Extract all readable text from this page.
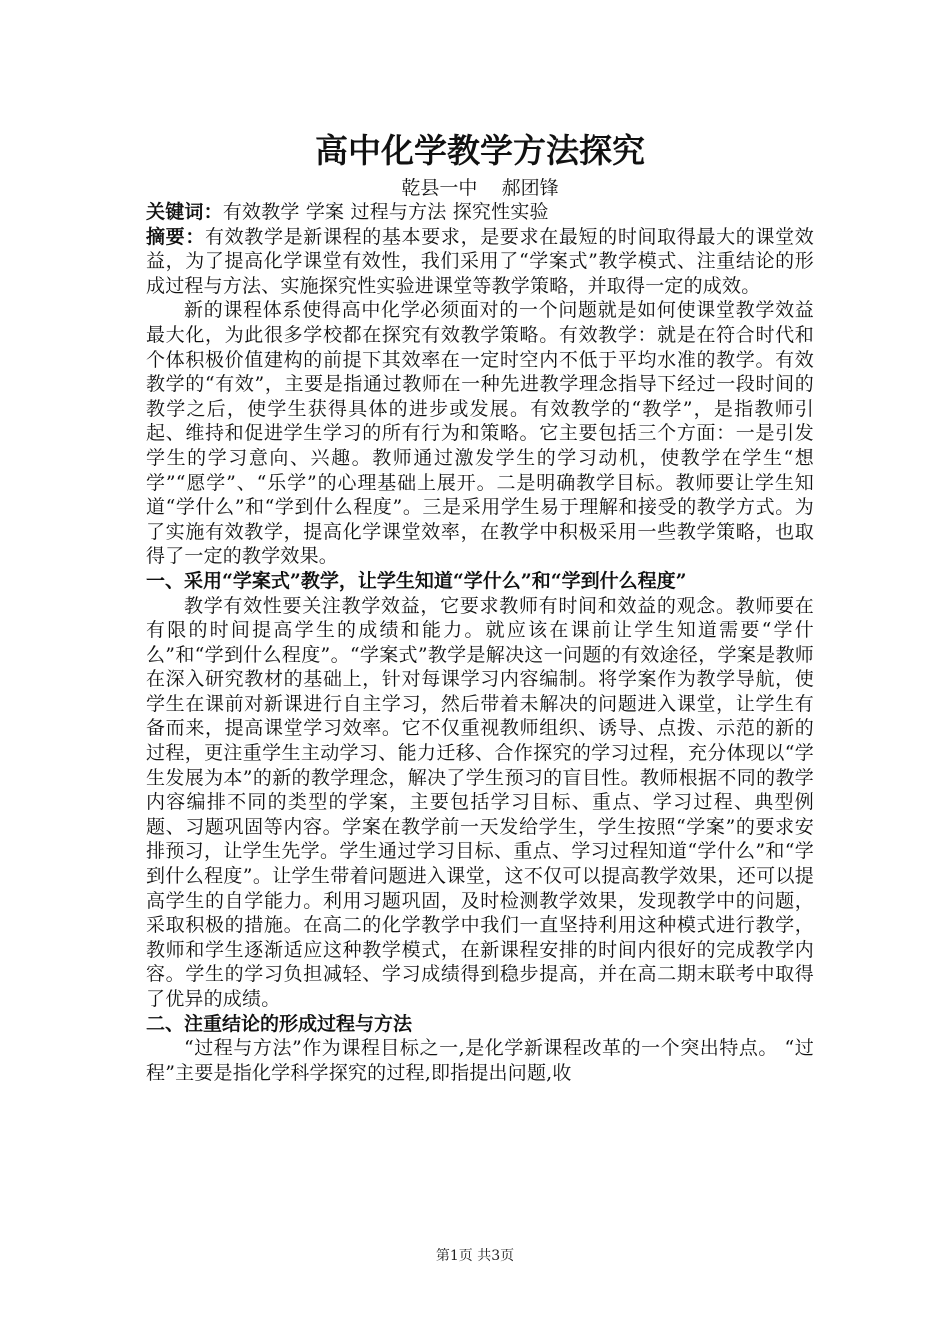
高中化学教学方法探究
乾县一中    郝团锋

关键词：有效教学 学案 过程与方法 探究性实验

摘要：有效教学是新课程的基本要求，是要求在最短的时间取得最大的课堂效益，为了提高化学课堂有效性，我们采用了“学案式”教学模式、注重结论的形成过程与方法、实施探究性实验进课堂等教学策略，并取得一定的成效。

新的课程体系使得高中化学必须面对的一个问题就是如何使课堂教学效益最大化，为此很多学校都在探究有效教学策略。有效教学：就是在符合时代和个体积极价值建构的前提下其效率在一定时空内不低于平均水准的教学。有效教学的“有效”，主要是指通过教师在一种先进教学理念指导下经过一段时间的教学之后，使学生获得具体的进步或发展。有效教学的“教学”，是指教师引起、维持和促进学生学习的所有行为和策略。它主要包括三个方面：一是引发学生的学习意向、兴趣。教师通过激发学生的学习动机，使教学在学生“想学”“愿学”、“乐学”的心理基础上展开。二是明确教学目标。教师要让学生知道“学什么”和“学到什么程度”。三是采用学生易于理解和接受的教学方式。为了实施有效教学，提高化学课堂效率，在教学中积极采用一些教学策略，也取得了一定的教学效果。

一、采用“学案式”教学，让学生知道“学什么”和“学到什么程度”

教学有效性要关注教学效益，它要求教师有时间和效益的观念。教师要在有限的时间提高学生的成绩和能力。就应该在课前让学生知道需要“学什么”和“学到什么程度”。“学案式”教学是解决这一问题的有效途径，学案是教师在深入研究教材的基础上，针对每课学习内容编制。将学案作为教学导航，使学生在课前对新课进行自主学习，然后带着未解决的问题进入课堂，让学生有备而来，提高课堂学习效率。它不仅重视教师组织、诱导、点拨、示范的新的过程，更注重学生主动学习、能力迁移、合作探究的学习过程，充分体现以“学生发展为本”的新的教学理念，解决了学生预习的盲目性。教师根据不同的教学内容编排不同的类型的学案，主要包括学习目标、重点、学习过程、典型例题、习题巩固等内容。学案在教学前一天发给学生，学生按照“学案”的要求安排预习，让学生先学。学生通过学习目标、重点、学习过程知道“学什么”和“学到什么程度”。让学生带着问题进入课堂，这不仅可以提高教学效果，还可以提高学生的自学能力。利用习题巩固，及时检测教学效果，发现教学中的问题，采取积极的措施。在高二的化学教学中我们一直坚持利用这种模式进行教学，教师和学生逐渐适应这种教学模式，在新课程安排的时间内很好的完成教学内容。学生的学习负担减轻、学习成绩得到稳步提高，并在高二期末联考中取得了优异的成绩。

二、注重结论的形成过程与方法

“过程与方法”作为课程目标之一,是化学新课程改革的一个突出特点。 “过程”主要是指化学科学探究的过程,即指提出问题,收

第1页 共3页
